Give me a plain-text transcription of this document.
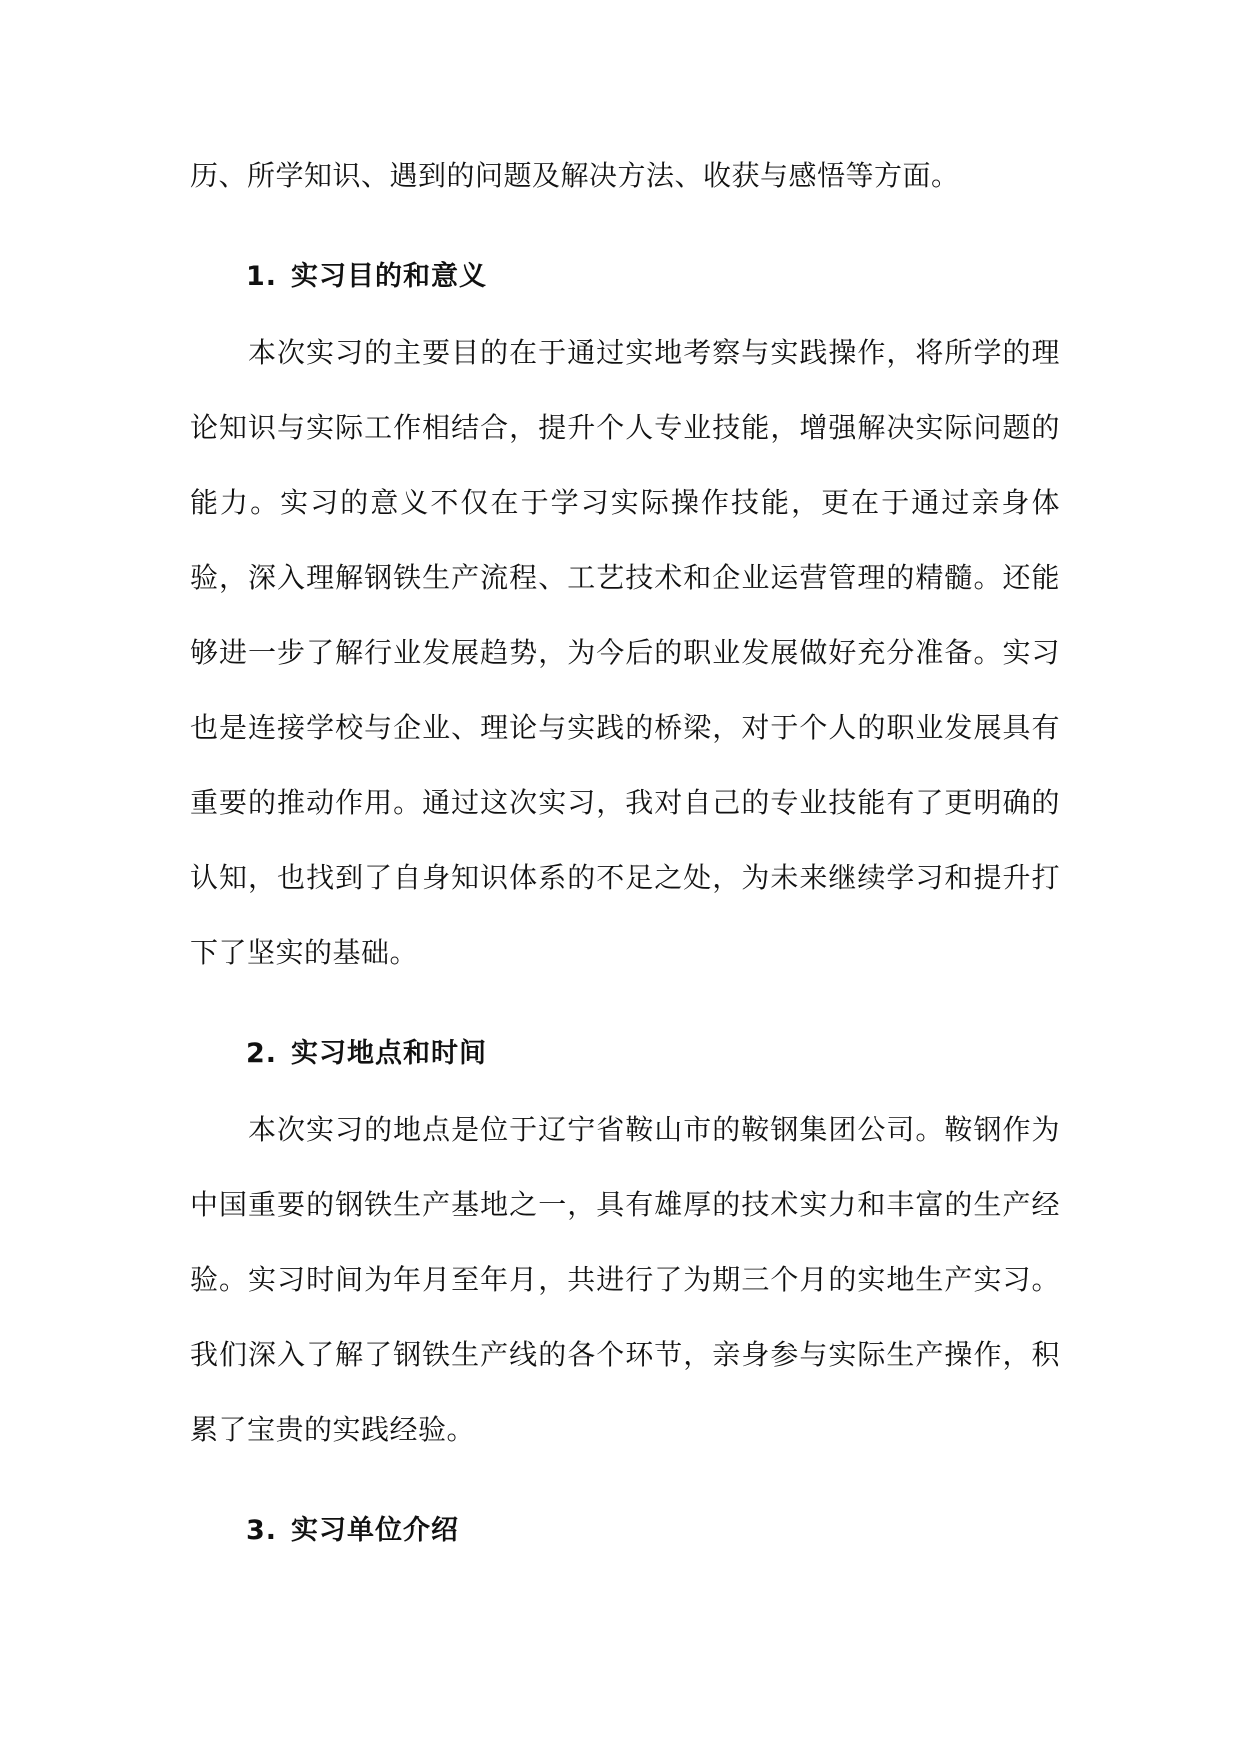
历、所学知识、遇到的问题及解决方法、收获与感悟等方面。

1. 实习目的和意义

本次实习的主要目的在于通过实地考察与实践操作，将所学的理论知识与实际工作相结合，提升个人专业技能，增强解决实际问题的能力。实习的意义不仅在于学习实际操作技能，更在于通过亲身体验，深入理解钢铁生产流程、工艺技术和企业运营管理的精髓。还能够进一步了解行业发展趋势，为今后的职业发展做好充分准备。实习也是连接学校与企业、理论与实践的桥梁，对于个人的职业发展具有重要的推动作用。通过这次实习，我对自己的专业技能有了更明确的认知，也找到了自身知识体系的不足之处，为未来继续学习和提升打下了坚实的基础。

2. 实习地点和时间

本次实习的地点是位于辽宁省鞍山市的鞍钢集团公司。鞍钢作为中国重要的钢铁生产基地之一，具有雄厚的技术实力和丰富的生产经验。实习时间为年月至年月，共进行了为期三个月的实地生产实习。我们深入了解了钢铁生产线的各个环节，亲身参与实际生产操作，积累了宝贵的实践经验。

3. 实习单位介绍
